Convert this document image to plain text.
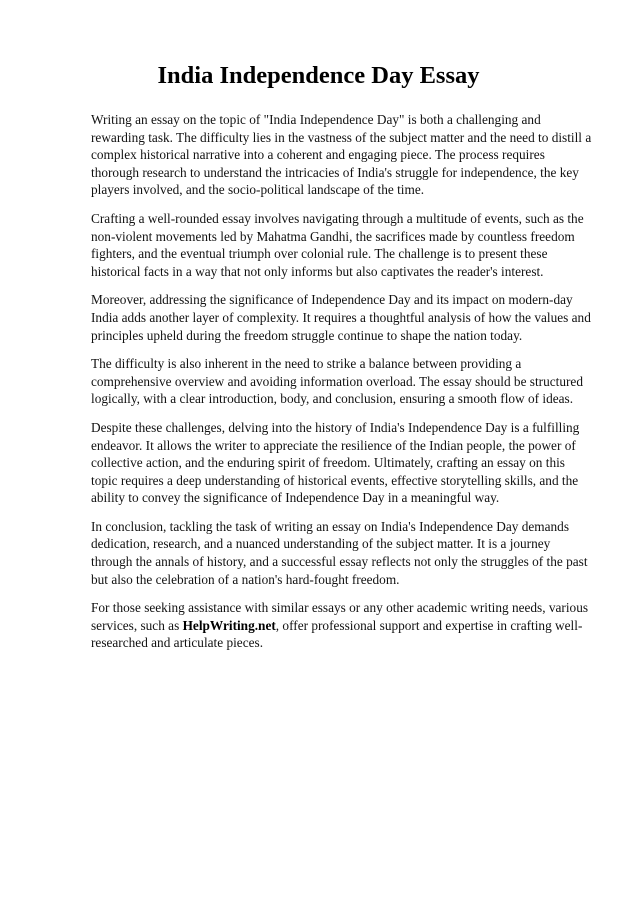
India Independence Day Essay

Writing an essay on the topic of "India Independence Day" is both a challenging and rewarding task. The difficulty lies in the vastness of the subject matter and the need to distill a complex historical narrative into a coherent and engaging piece. The process requires thorough research to understand the intricacies of India's struggle for independence, the key players involved, and the socio-political landscape of the time.

Crafting a well-rounded essay involves navigating through a multitude of events, such as the non-violent movements led by Mahatma Gandhi, the sacrifices made by countless freedom fighters, and the eventual triumph over colonial rule. The challenge is to present these historical facts in a way that not only informs but also captivates the reader's interest.

Moreover, addressing the significance of Independence Day and its impact on modern-day India adds another layer of complexity. It requires a thoughtful analysis of how the values and principles upheld during the freedom struggle continue to shape the nation today.

The difficulty is also inherent in the need to strike a balance between providing a comprehensive overview and avoiding information overload. The essay should be structured logically, with a clear introduction, body, and conclusion, ensuring a smooth flow of ideas.

Despite these challenges, delving into the history of India's Independence Day is a fulfilling endeavor. It allows the writer to appreciate the resilience of the Indian people, the power of collective action, and the enduring spirit of freedom. Ultimately, crafting an essay on this topic requires a deep understanding of historical events, effective storytelling skills, and the ability to convey the significance of Independence Day in a meaningful way.

In conclusion, tackling the task of writing an essay on India's Independence Day demands dedication, research, and a nuanced understanding of the subject matter. It is a journey through the annals of history, and a successful essay reflects not only the struggles of the past but also the celebration of a nation's hard-fought freedom.

For those seeking assistance with similar essays or any other academic writing needs, various services, such as HelpWriting.net, offer professional support and expertise in crafting well-researched and articulate pieces.
